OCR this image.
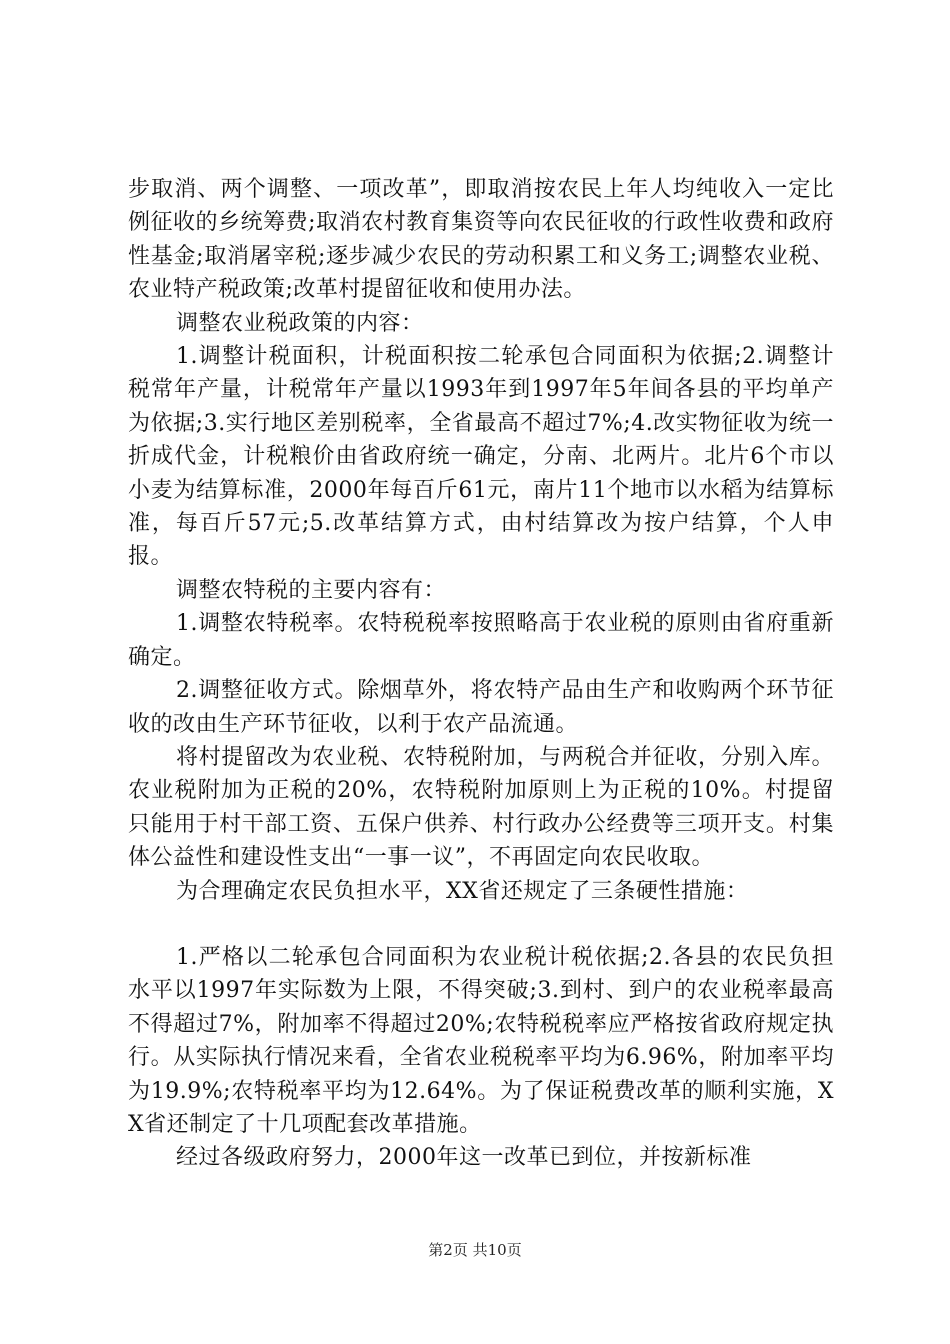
步取消、两个调整、一项改革”，即取消按农民上年人均纯收入一定比例征收的乡统筹费;取消农村教育集资等向农民征收的行政性收费和政府性基金;取消屠宰税;逐步减少农民的劳动积累工和义务工;调整农业税、农业特产税政策;改革村提留征收和使用办法。

调整农业税政策的内容：

1.调整计税面积，计税面积按二轮承包合同面积为依据;2.调整计税常年产量，计税常年产量以1993年到1997年5年间各县的平均单产为依据;3.实行地区差别税率，全省最高不超过7%;4.改实物征收为统一折成代金，计税粮价由省政府统一确定，分南、北两片。北片6个市以小麦为结算标准，2000年每百斤61元，南片11个地市以水稻为结算标准，每百斤57元;5.改革结算方式，由村结算改为按户结算，个人申报。

调整农特税的主要内容有：

1.调整农特税率。农特税税率按照略高于农业税的原则由省府重新确定。

2.调整征收方式。除烟草外，将农特产品由生产和收购两个环节征收的改由生产环节征收，以利于农产品流通。

将村提留改为农业税、农特税附加，与两税合并征收，分别入库。农业税附加为正税的20%，农特税附加原则上为正税的10%。村提留只能用于村干部工资、五保户供养、村行政办公经费等三项开支。村集体公益性和建设性支出“一事一议”，不再固定向农民收取。

为合理确定农民负担水平，XX省还规定了三条硬性措施：

1.严格以二轮承包合同面积为农业税计税依据;2.各县的农民负担水平以1997年实际数为上限，不得突破;3.到村、到户的农业税率最高不得超过7%，附加率不得超过20%;农特税税率应严格按省政府规定执行。从实际执行情况来看，全省农业税税率平均为6.96%，附加率平均为19.9%;农特税率平均为12.64%。为了保证税费改革的顺利实施，XX省还制定了十几项配套改革措施。

经过各级政府努力，2000年这一改革已到位，并按新标准

第2页 共10页
